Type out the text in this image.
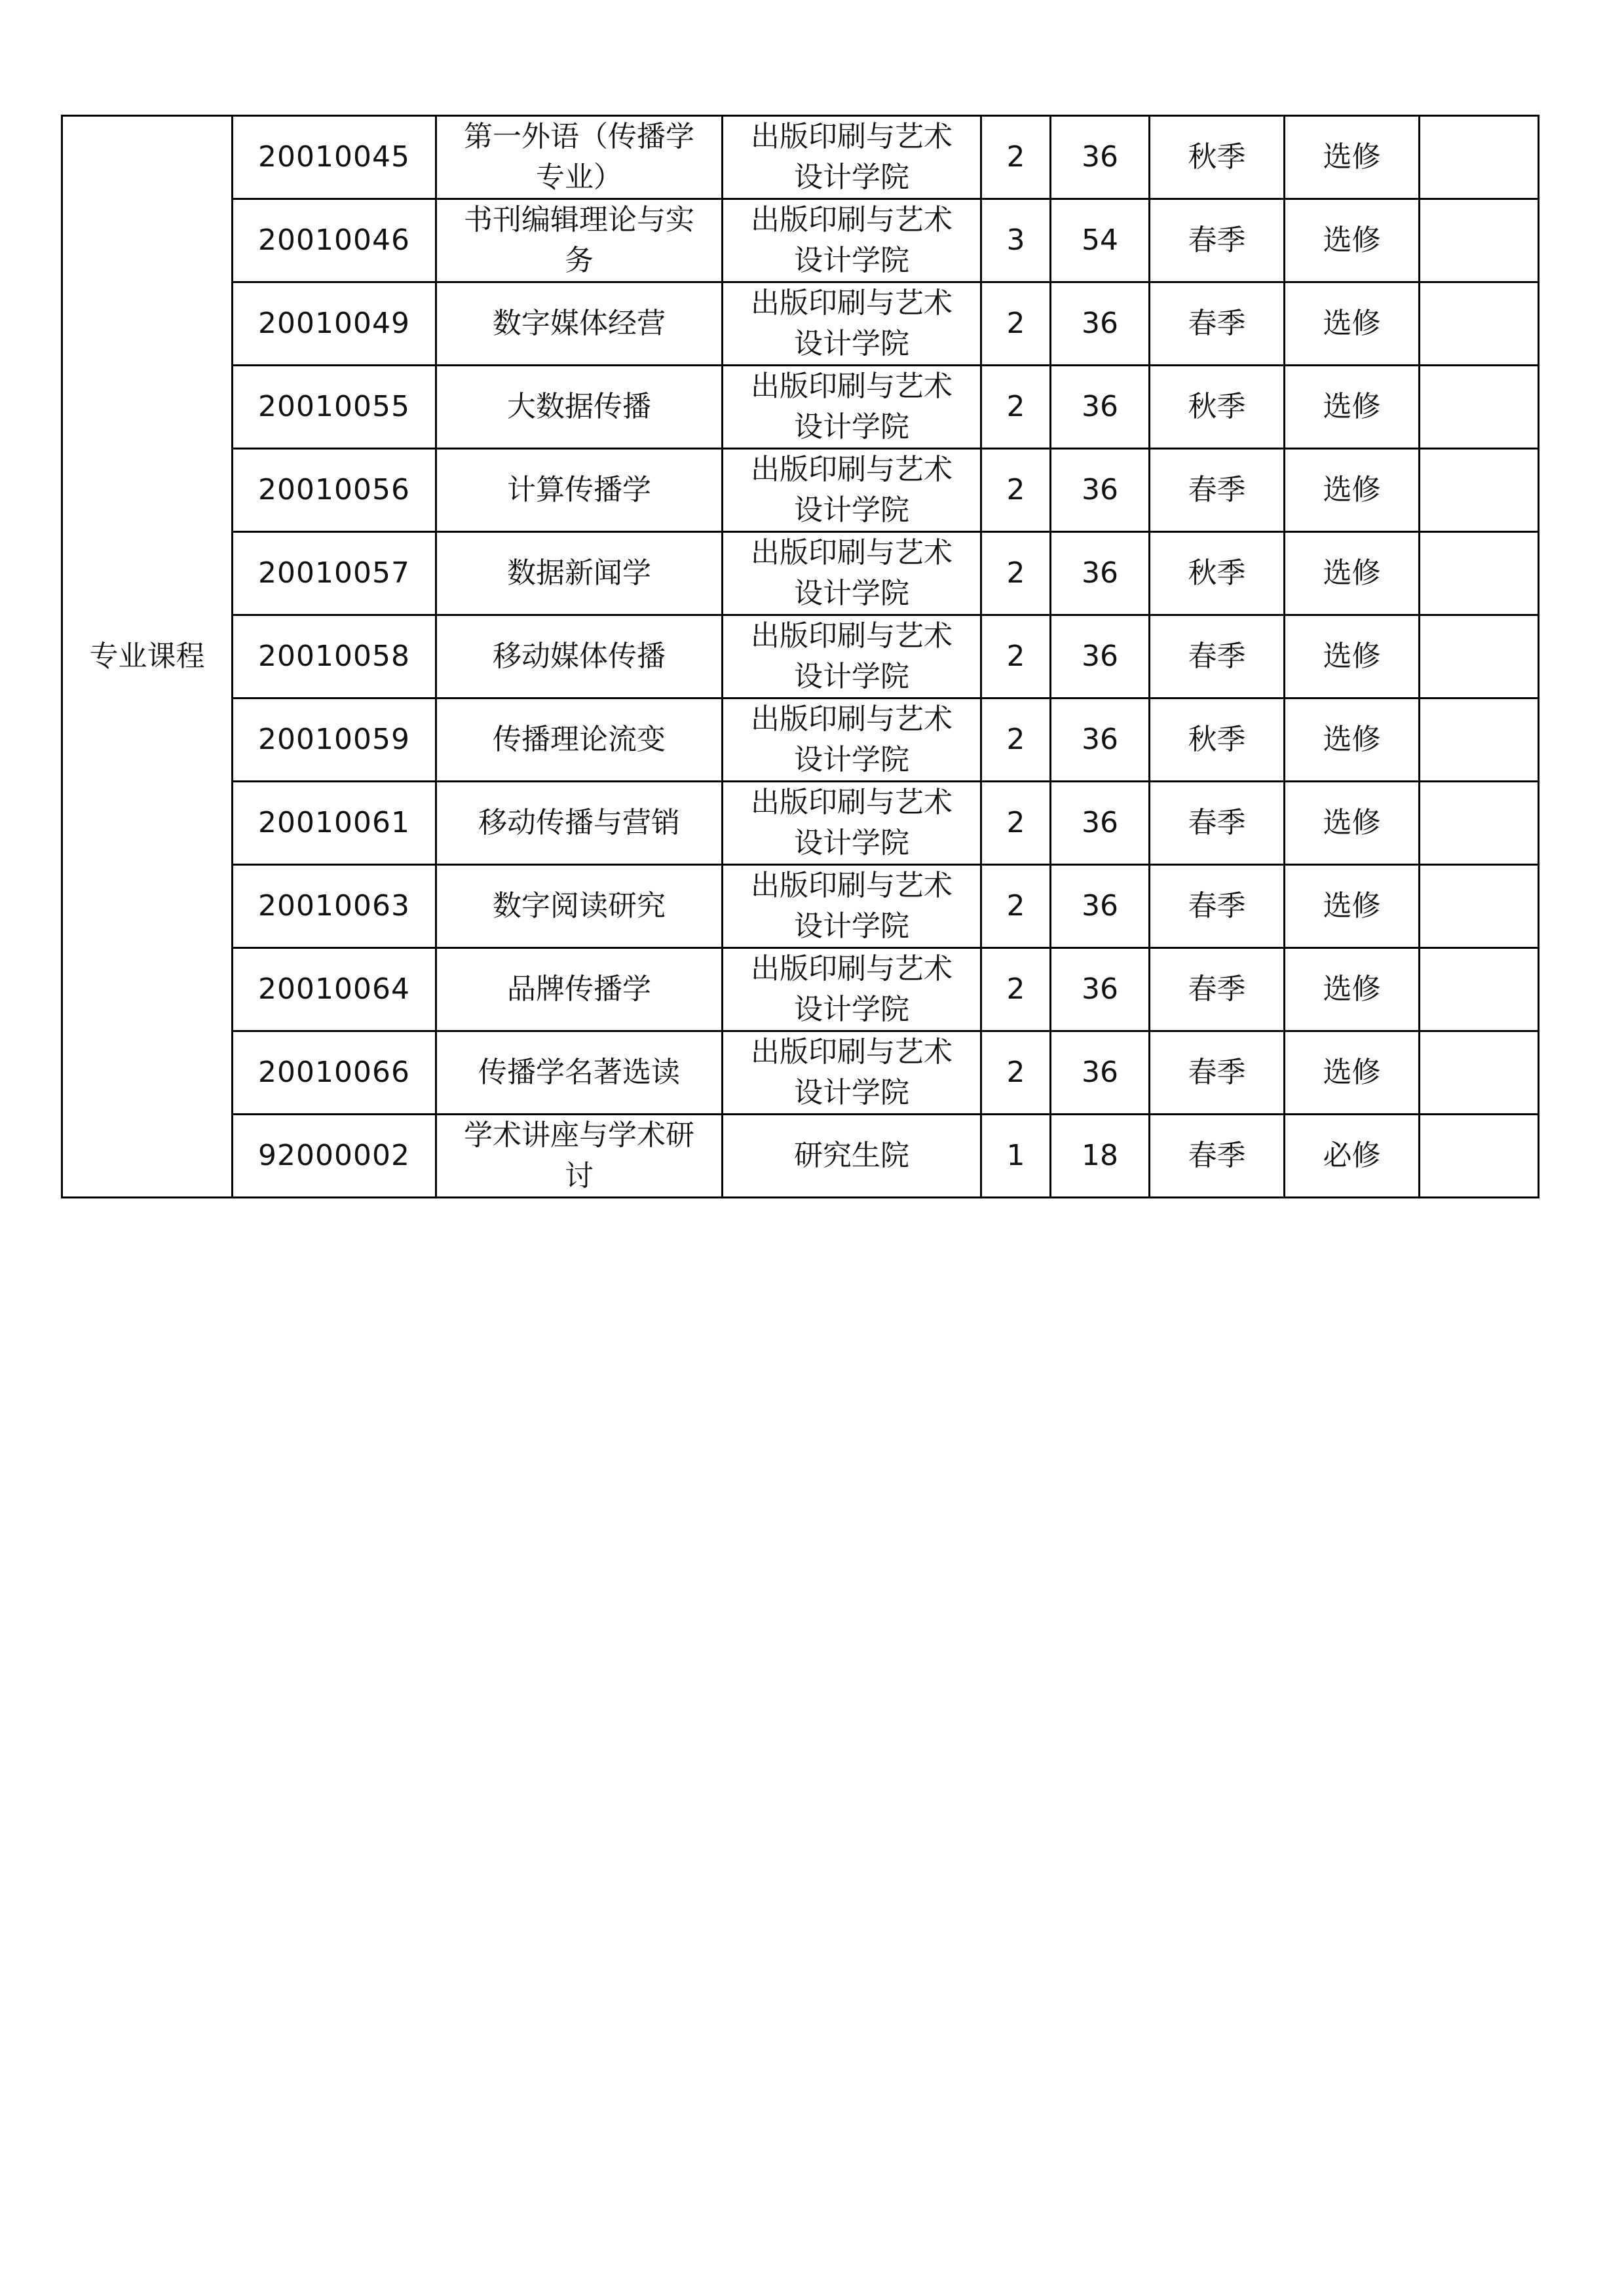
专业课程	20010045	第一外语（传播学
专业）	出版印刷与艺术
设计学院	2	36	秋季	选修	
	20010046	书刊编辑理论与实
务	出版印刷与艺术
设计学院	3	54	春季	选修	
	20010049	数字媒体经营	出版印刷与艺术
设计学院	2	36	春季	选修	
	20010055	大数据传播	出版印刷与艺术
设计学院	2	36	秋季	选修	
	20010056	计算传播学	出版印刷与艺术
设计学院	2	36	春季	选修	
	20010057	数据新闻学	出版印刷与艺术
设计学院	2	36	秋季	选修	
	20010058	移动媒体传播	出版印刷与艺术
设计学院	2	36	春季	选修	
	20010059	传播理论流变	出版印刷与艺术
设计学院	2	36	秋季	选修	
	20010061	移动传播与营销	出版印刷与艺术
设计学院	2	36	春季	选修	
	20010063	数字阅读研究	出版印刷与艺术
设计学院	2	36	春季	选修	
	20010064	品牌传播学	出版印刷与艺术
设计学院	2	36	春季	选修	
	20010066	传播学名著选读	出版印刷与艺术
设计学院	2	36	春季	选修	
	92000002	学术讲座与学术研
讨	研究生院	1	18	春季	必修	
